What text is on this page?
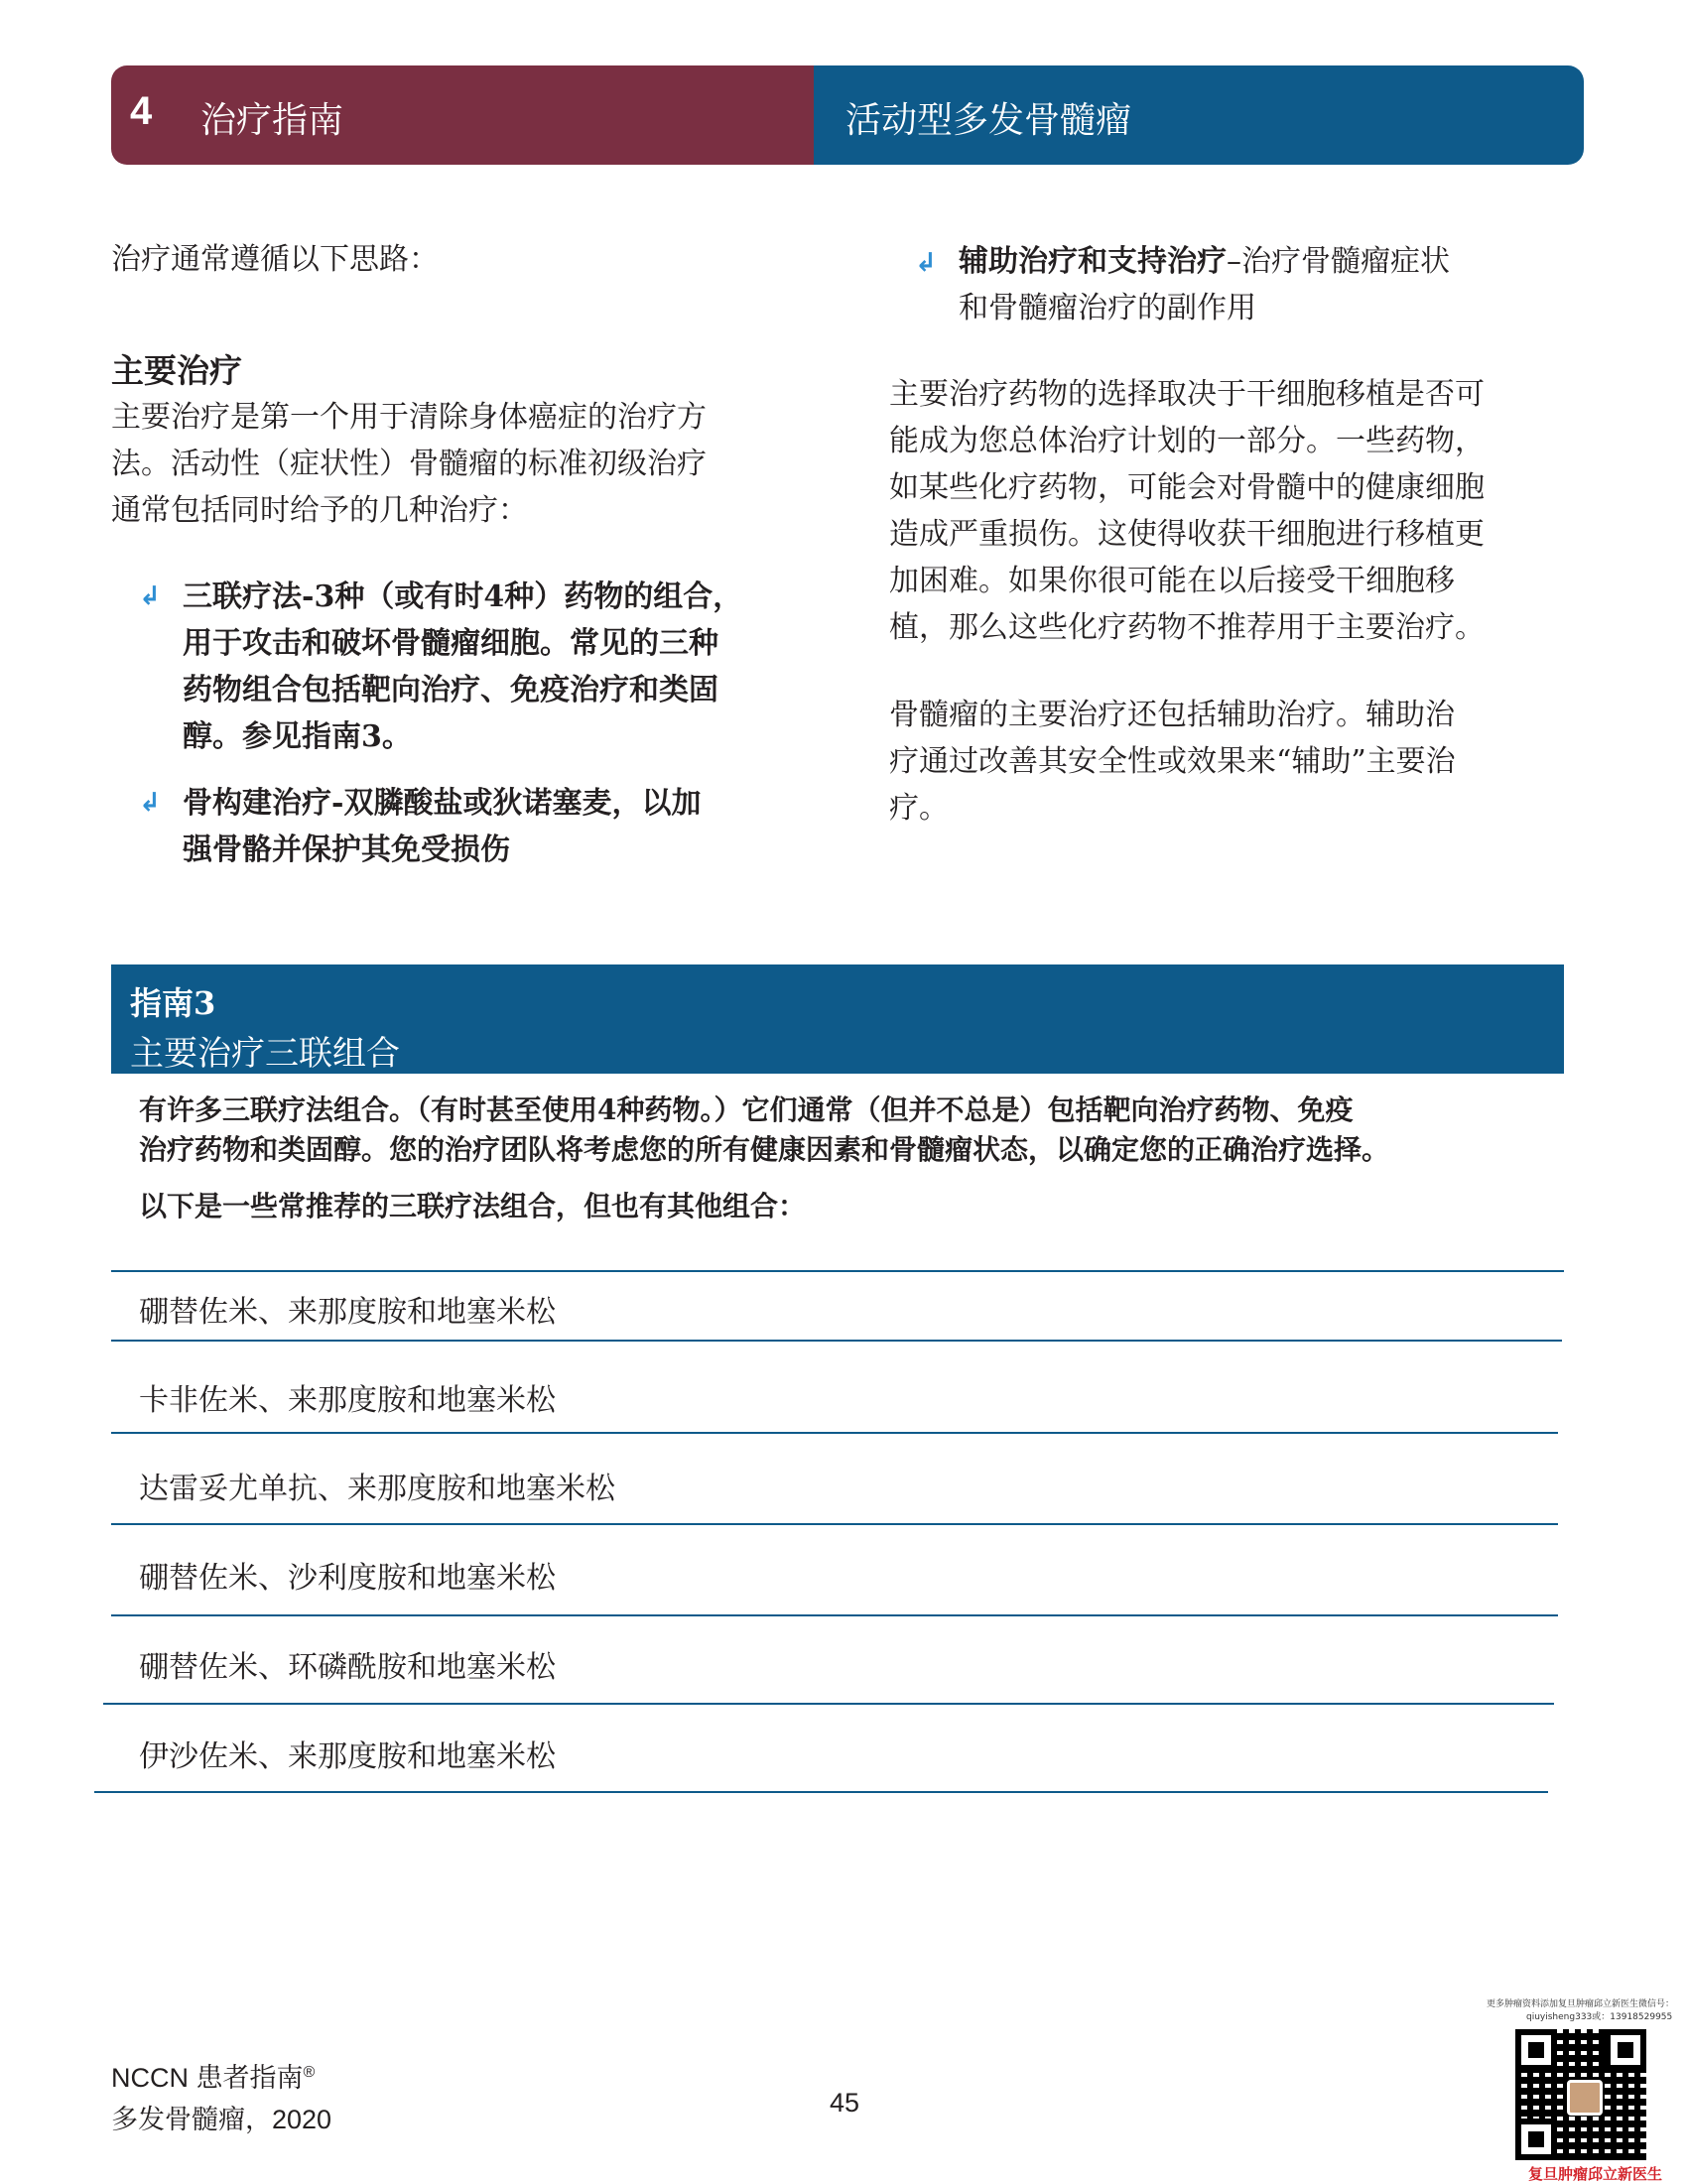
4 治疗指南	活动型多发骨髓瘤
治疗通常遵循以下思路：
主要治疗
主要治疗是第一个用于清除身体癌症的治疗方
法。活动性（症状性）骨髓瘤的标准初级治疗
通常包括同时给予的几种治疗：
↲ 三联疗法-3种（或有时4种）药物的组合，
用于攻击和破坏骨髓瘤细胞。常见的三种
药物组合包括靶向治疗、免疫治疗和类固
醇。参见指南3。
↲ 骨构建治疗-双膦酸盐或狄诺塞麦，以加
强骨骼并保护其免受损伤
↲ 辅助治疗和支持治疗–治疗骨髓瘤症状
和骨髓瘤治疗的副作用
主要治疗药物的选择取决于干细胞移植是否可
能成为您总体治疗计划的一部分。一些药物，
如某些化疗药物，可能会对骨髓中的健康细胞
造成严重损伤。这使得收获干细胞进行移植更
加困难。如果你很可能在以后接受干细胞移
植，那么这些化疗药物不推荐用于主要治疗。
骨髓瘤的主要治疗还包括辅助治疗。辅助治
疗通过改善其安全性或效果来“辅助”主要治
疗。
指南3
主要治疗三联组合
有许多三联疗法组合。（有时甚至使用4种药物。）它们通常（但并不总是）包括靶向治疗药物、免疫
治疗药物和类固醇。您的治疗团队将考虑您的所有健康因素和骨髓瘤状态，以确定您的正确治疗选择。
以下是一些常推荐的三联疗法组合，但也有其他组合：
硼替佐米、来那度胺和地塞米松
卡非佐米、来那度胺和地塞米松
达雷妥尤单抗、来那度胺和地塞米松
硼替佐米、沙利度胺和地塞米松
硼替佐米、环磷酰胺和地塞米松
伊沙佐米、来那度胺和地塞米松
NCCN 患者指南®
多发骨髓瘤，2020
45
更多肿瘤资料添加复旦肿瘤邱立新医生微信号：
qiuyisheng333或：13918529955
复旦肿瘤邱立新医生
